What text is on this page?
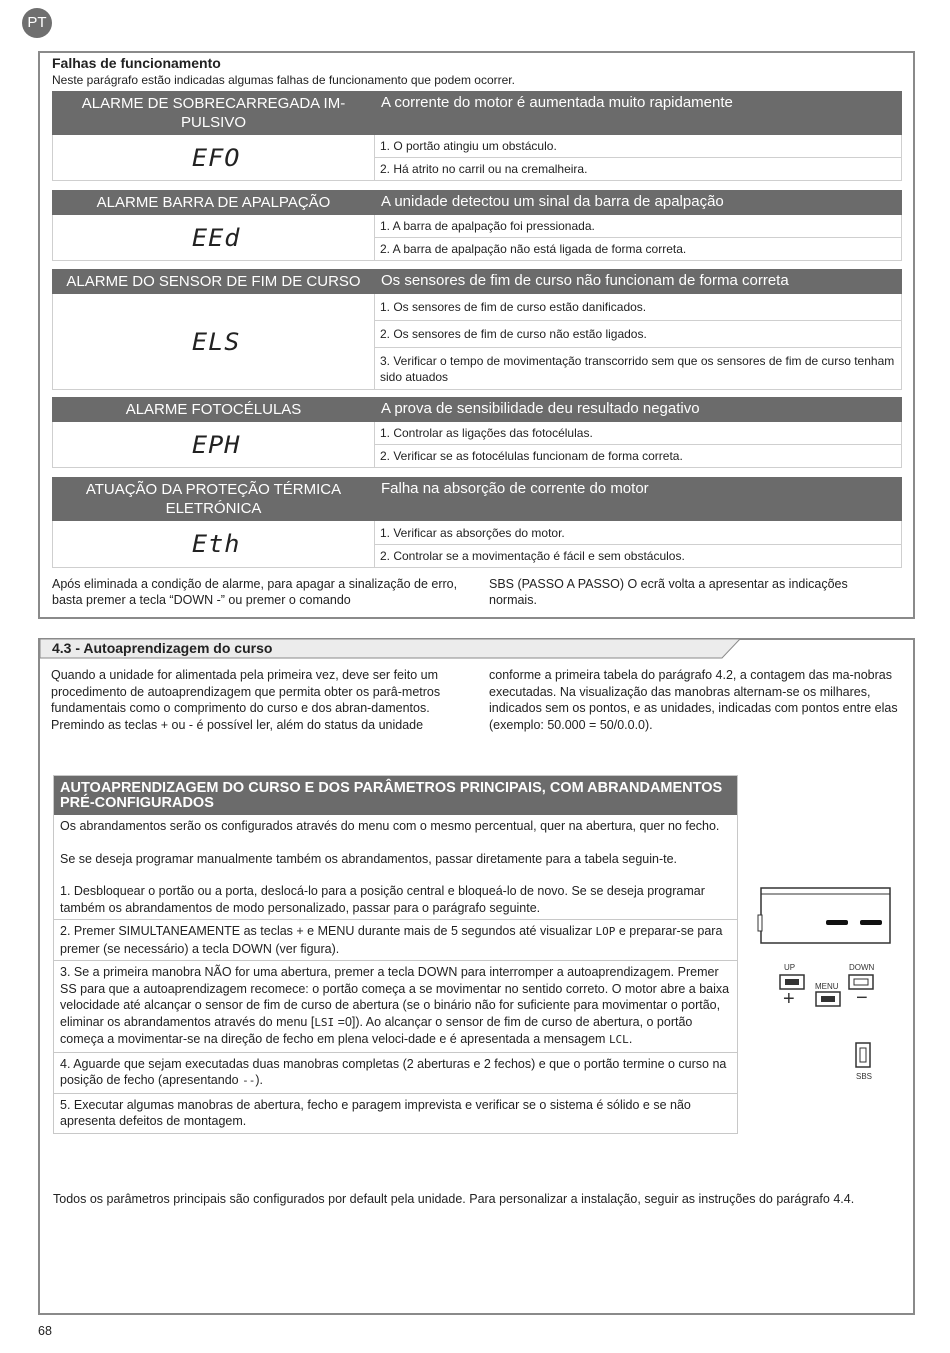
PT
Falhas de funcionamento
Neste parágrafo estão indicadas algumas falhas de funcionamento que podem ocorrer.
ALARME DE SOBRECARREGADA IM-PULSIVO	A corrente do motor é aumentada muito rapidamente
EFO	1. O portão atingiu um obstáculo.
	2. Há atrito no carril ou na cremalheira.

ALARME BARRA DE APALPAÇÃO	A unidade detectou um sinal da barra de apalpação
EEd	1. A barra de apalpação foi pressionada.
	2. A barra de apalpação não está ligada de forma correta.

ALARME DO SENSOR DE FIM DE CURSO	Os sensores de fim de curso não funcionam de forma correta
ELS	1. Os sensores de fim de curso estão danificados.
	2. Os sensores de fim de curso não estão ligados.
	3. Verificar o tempo de movimentação transcorrido sem que os sensores de fim de curso tenham sido atuados

ALARME FOTOCÉLULAS	A prova de sensibilidade deu resultado negativo
EPH	1. Controlar as ligações das fotocélulas.
	2. Verificar se as fotocélulas funcionam de forma correta.

ATUAÇÃO DA PROTEÇÃO TÉRMICA ELETRÓNICA	Falha na absorção de corrente do motor
Eth	1. Verificar as absorções do motor.
	2. Controlar se a movimentação é fácil e sem obstáculos.
Após eliminada a condição de alarme, para apagar a sinalização de erro, basta premer a tecla “DOWN -” ou premer o comando
SBS (PASSO A PASSO) O ecrã volta a apresentar as indicações normais.
4.3 - Autoaprendizagem do curso
Quando a unidade for alimentada pela primeira vez, deve ser feito um procedimento de autoaprendizagem que permita obter os parâ-metros fundamentais como o comprimento do curso e dos abran-damentos. Premindo as teclas + ou - é possível ler, além do status da unidade
conforme a primeira tabela do parágrafo 4.2, a contagem das ma-nobras executadas. Na visualização das manobras alternam-se os milhares, indicados sem os pontos, e as unidades, indicadas com pontos entre elas (exemplo: 50.000 = 50/0.0.0).
AUTOAPRENDIZAGEM DO CURSO E DOS PARÂMETROS PRINCIPAIS, COM ABRANDAMENTOS PRÉ-CONFIGURADOS

Os abrandamentos serão os configurados através do menu com o mesmo percentual, quer na abertura, quer no fecho.

Se se deseja programar manualmente também os abrandamentos, passar diretamente para a tabela seguin-te.

1. Desbloquear o portão ou a porta, deslocá-lo para a posição central e bloqueá-lo de novo. Se se deseja programar também os abrandamentos de modo personalizado, passar para o parágrafo seguinte.

2. Premer SIMULTANEAMENTE as teclas + e MENU durante mais de 5 segundos até visualizar LOP e preparar-se para premer (se necessário) a tecla DOWN (ver figura).
3. Se a primeira manobra NÃO for uma abertura, premer a tecla DOWN para interromper a autoaprendizagem. Premer SS para que a autoaprendizagem recomece: o portão começa a se movimentar no sentido correto. O motor abre a baixa velocidade até alcançar o sensor de fim de curso de abertura (se o binário não for suficiente para movimentar o portão, eliminar os abrandamentos através do menu [LSI =0]). Ao alcançar o sensor de fim de curso de abertura, o portão começa a movimentar-se na direção de fecho em plena veloci-dade e é apresentada a mensagem LCL.
4. Aguarde que sejam executadas duas manobras completas (2 aberturas e 2 fechos) e que o portão termine o curso na posição de fecho (apresentando --).
5. Executar algumas manobras de abertura, fecho e paragem imprevista e verificar se o sistema é sólido e se não apresenta defeitos de montagem.
UP	DOWN
MENU
+	−
SBS
Todos os parâmetros principais são configurados por default pela unidade. Para personalizar a instalação, seguir as instruções do parágrafo 4.4.
68
